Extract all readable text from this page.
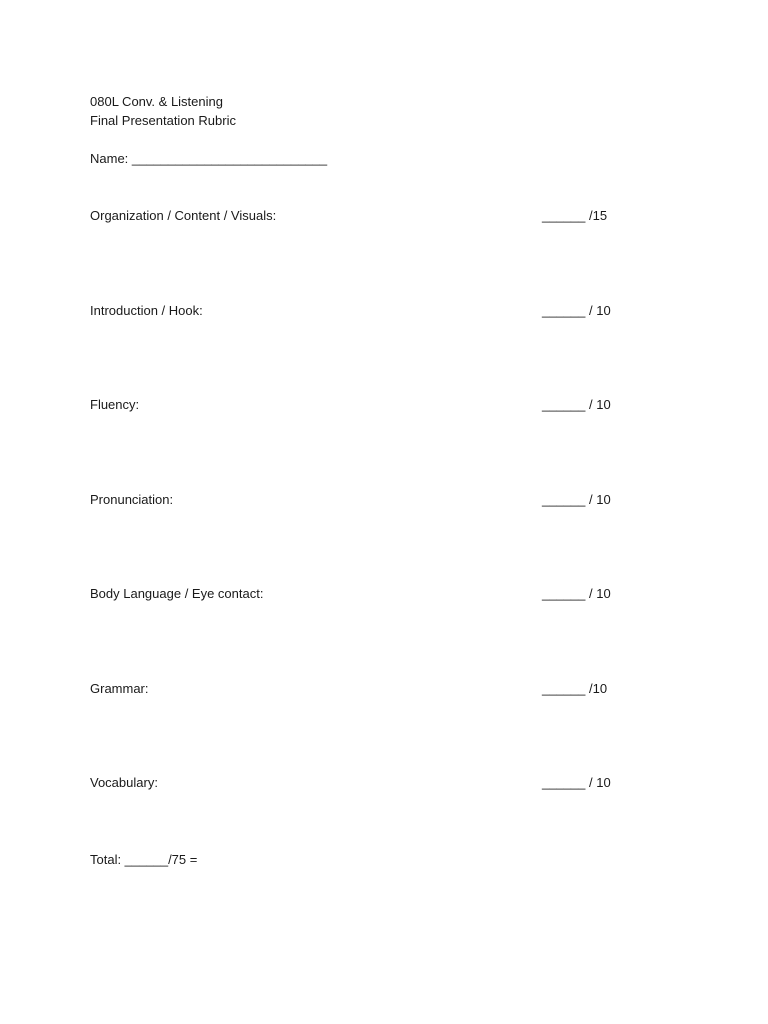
080L Conv. & Listening
Final Presentation Rubric
Name: ___________________________
Organization / Content / Visuals:	______ /15
Introduction / Hook:	______ / 10
Fluency:	______ / 10
Pronunciation:	______ / 10
Body Language / Eye contact:	______ / 10
Grammar:	______ /10
Vocabulary:	______ / 10
Total: ______/75 =
